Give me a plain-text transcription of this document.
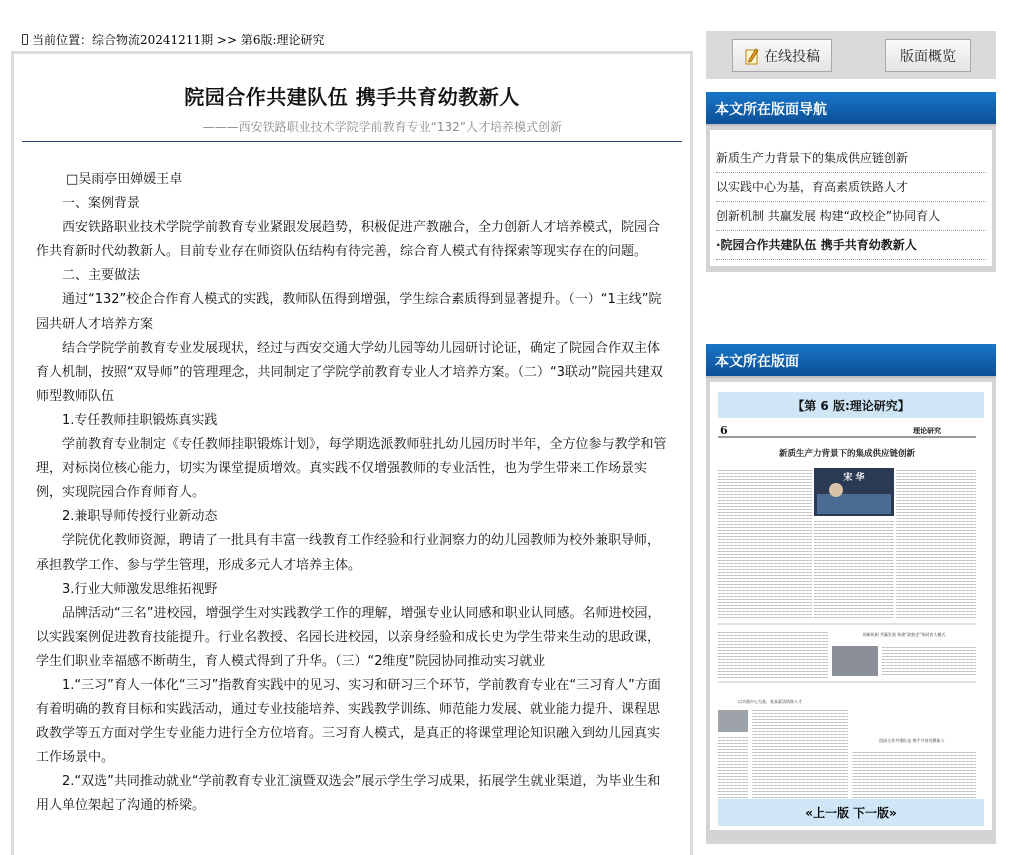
当前位置：综合物流20241211期 >> 第6版:理论研究
院园合作共建队伍 携手共育幼教新人
———西安铁路职业技术学院学前教育专业“132”人才培养模式创新

□吴雨亭田婵媛王卓

　　一、案例背景

　　西安铁路职业技术学院学前教育专业紧跟发展趋势，积极促进产教融合，全力创新人才培养模式，院园合作共育新时代幼教新人。目前专业存在师资队伍结构有待完善，综合育人模式有待探索等现实存在的问题。

　　二、主要做法

　　通过“132”校企合作育人模式的实践，教师队伍得到增强，学生综合素质得到显著提升。（一）“1主线”院园共研人才培养方案

　　结合学院学前教育专业发展现状，经过与西安交通大学幼儿园等幼儿园研讨论证，确定了院园合作双主体育人机制，按照“双导师”的管理理念，共同制定了学院学前教育专业人才培养方案。（二）“3联动”院园共建双师型教师队伍

　　1.专任教师挂职锻炼真实践

　　学前教育专业制定《专任教师挂职锻炼计划》，每学期选派教师驻扎幼儿园历时半年，全方位参与教学和管理，对标岗位核心能力，切实为课堂提质增效。真实践不仅增强教师的专业活性，也为学生带来工作场景实例，实现院园合作育师育人。

　　2.兼职导师传授行业新动态

　　学院优化教师资源，聘请了一批具有丰富一线教育工作经验和行业洞察力的幼儿园教师为校外兼职导师，承担教学工作、参与学生管理，形成多元人才培养主体。

　　3.行业大师激发思维拓视野

　　品牌活动“三名”进校园，增强学生对实践教学工作的理解，增强专业认同感和职业认同感。名师进校园，以实践案例促进教育技能提升。行业名教授、名园长进校园，以亲身经验和成长史为学生带来生动的思政课，学生们职业幸福感不断萌生，育人模式得到了升华。（三）“2维度”院园协同推动实习就业

　　1.“三习”育人一体化“三习”指教育实践中的见习、实习和研习三个环节，学前教育专业在“三习育人”方面有着明确的教育目标和实践活动，通过专业技能培养、实践教学训练、师范能力发展、就业能力提升、课程思政教学等五方面对学生专业能力进行全方位培育。三习育人模式，是真正的将课堂理论知识融入到幼儿园真实工作场景中。

　　2.“双选”共同推动就业“学前教育专业汇演暨双选会”展示学生学习成果，拓展学生就业渠道，为毕业生和用人单位架起了沟通的桥梁。

在线投稿	版面概览
本文所在版面导航
新质生产力背景下的集成供应链创新
以实践中心为基，育高素质铁路人才
创新机制 共赢发展 构建“政校企”协同育人
·院园合作共建队伍 携手共育幼教新人
本文所在版面
【第 6 版:理论研究】
6	理论研究
新质生产力背景下的集成供应链创新
宋 华
创新机制 共赢发展 构建“政校企”协同育人模式
以实践中心为基，育高素质铁路人才
院园合作共建队伍 携手共育幼教新人
«上一版 下一版»
